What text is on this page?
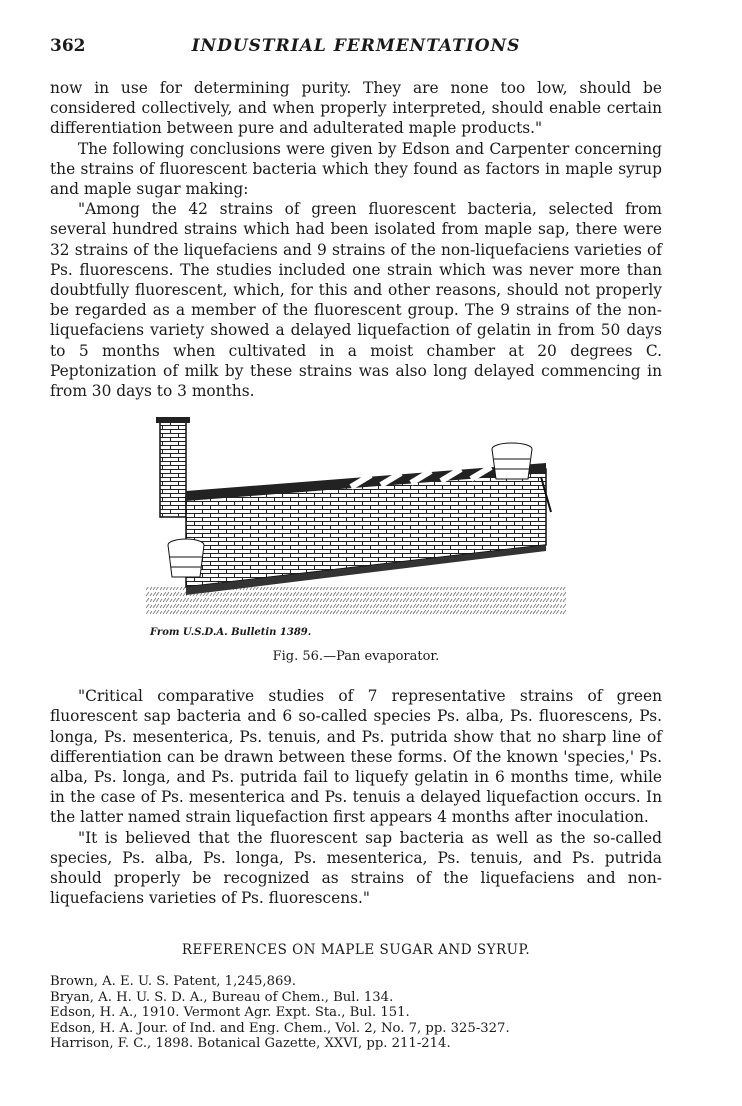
362	INDUSTRIAL FERMENTATIONS

now in use for determining purity. They are none too low, should be considered collectively, and when properly interpreted, should enable certain differentiation between pure and adulterated maple products."

The following conclusions were given by Edson and Carpenter concerning the strains of fluorescent bacteria which they found as factors in maple syrup and maple sugar making:

"Among the 42 strains of green fluorescent bacteria, selected from several hundred strains which had been isolated from maple sap, there were 32 strains of the liquefaciens and 9 strains of the non-liquefaciens varieties of Ps. fluorescens. The studies included one strain which was never more than doubtfully fluorescent, which, for this and other reasons, should not properly be regarded as a member of the fluorescent group. The 9 strains of the non-liquefaciens variety showed a delayed liquefaction of gelatin in from 50 days to 5 months when cultivated in a moist chamber at 20 degrees C. Peptonization of milk by these strains was also long delayed commencing in from 30 days to 3 months.

From U.S.D.A. Bulletin 1389.
Fig. 56.—Pan evaporator.

"Critical comparative studies of 7 representative strains of green fluorescent sap bacteria and 6 so-called species Ps. alba, Ps. fluorescens, Ps. longa, Ps. mesenterica, Ps. tenuis, and Ps. putrida show that no sharp line of differentiation can be drawn between these forms. Of the known 'species,' Ps. alba, Ps. longa, and Ps. putrida fail to liquefy gelatin in 6 months time, while in the case of Ps. mesenterica and Ps. tenuis a delayed liquefaction occurs. In the latter named strain liquefaction first appears 4 months after inoculation.

"It is believed that the fluorescent sap bacteria as well as the so-called species, Ps. alba, Ps. longa, Ps. mesenterica, Ps. tenuis, and Ps. putrida should properly be recognized as strains of the liquefaciens and non-liquefaciens varieties of Ps. fluorescens."

REFERENCES ON MAPLE SUGAR AND SYRUP.
Brown, A. E. U. S. Patent, 1,245,869.
Bryan, A. H. U. S. D. A., Bureau of Chem., Bul. 134.
Edson, H. A., 1910. Vermont Agr. Expt. Sta., Bul. 151.
Edson, H. A. Jour. of Ind. and Eng. Chem., Vol. 2, No. 7, pp. 325-327.
Harrison, F. C., 1898. Botanical Gazette, XXVI, pp. 211-214.
